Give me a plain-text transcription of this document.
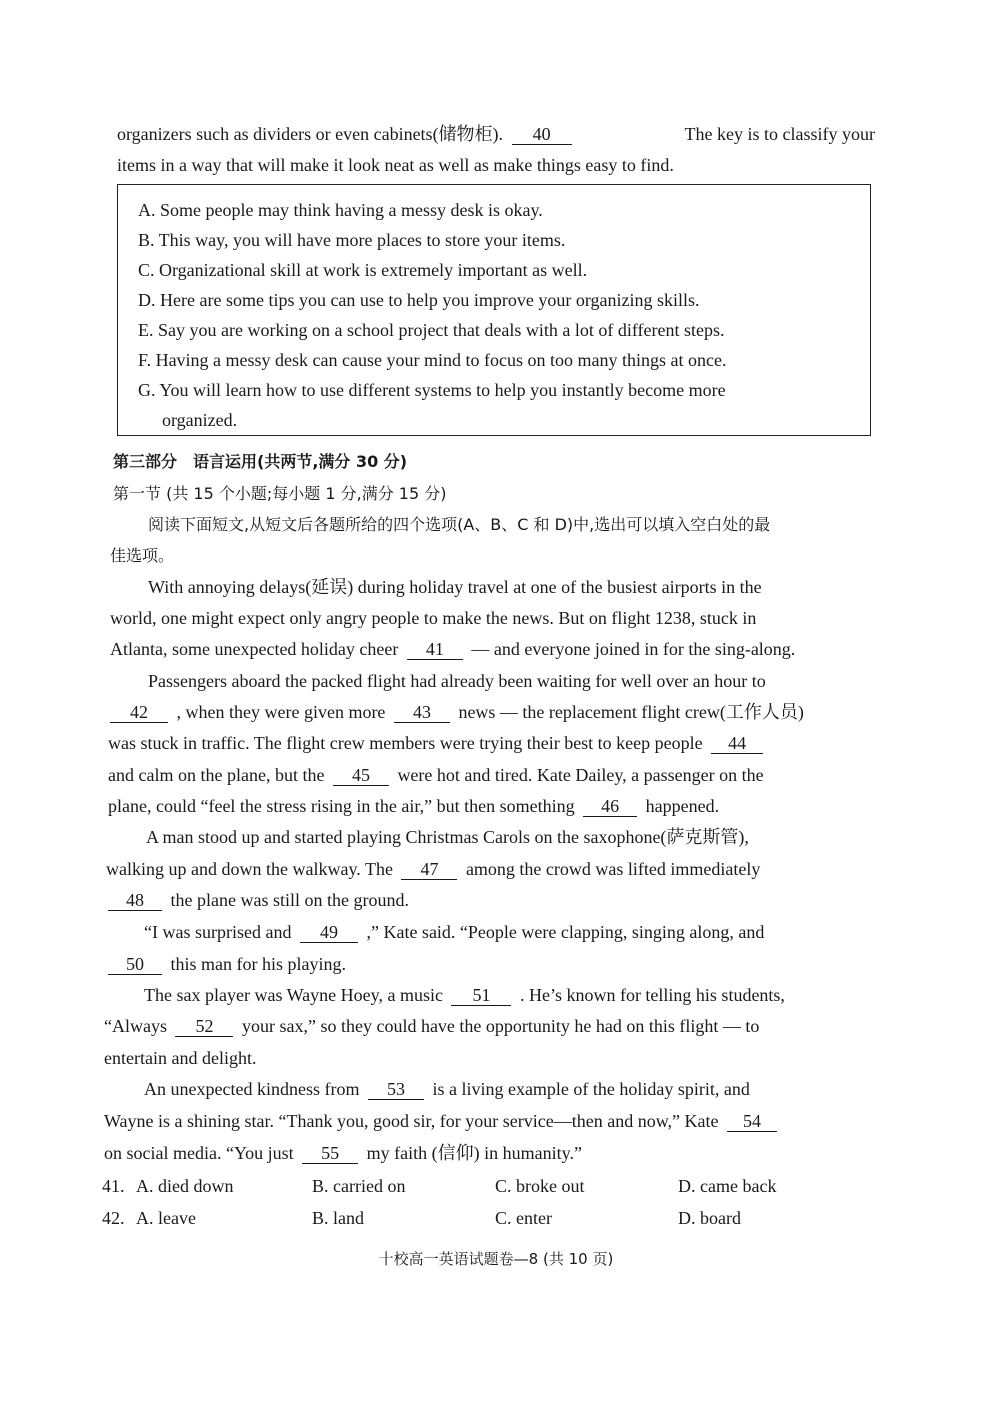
organizers such as dividers or even cabinets(储物柜). 40	The key is to classify your
items in a way that will make it look neat as well as make things easy to find.
A. Some people may think having a messy desk is okay.
B. This way, you will have more places to store your items.
C. Organizational skill at work is extremely important as well.
D. Here are some tips you can use to help you improve your organizing skills.
E. Say you are working on a school project that deals with a lot of different steps.
F. Having a messy desk can cause your mind to focus on too many things at once.
G. You will learn how to use different systems to help you instantly become more
organized.
第三部分　语言运用(共两节,满分 30 分)
第一节 (共 15 个小题;每小题 1 分,满分 15 分)
阅读下面短文,从短文后各题所给的四个选项(A、B、C 和 D)中,选出可以填入空白处的最
佳选项。
With annoying delays(延误) during holiday travel at one of the busiest airports in the
world, one might expect only angry people to make the news. But on flight 1238, stuck in
Atlanta, some unexpected holiday cheer 41 — and everyone joined in for the sing-along.
Passengers aboard the packed flight had already been waiting for well over an hour to
42 , when they were given more 43 news — the replacement flight crew(工作人员)
was stuck in traffic. The flight crew members were trying their best to keep people 44
and calm on the plane, but the 45 were hot and tired. Kate Dailey, a passenger on the
plane, could “feel the stress rising in the air,” but then something 46 happened.
A man stood up and started playing Christmas Carols on the saxophone(萨克斯管),
walking up and down the walkway. The 47 among the crowd was lifted immediately
48 the plane was still on the ground.
“I was surprised and 49 ,” Kate said. “People were clapping, singing along, and
50 this man for his playing.
The sax player was Wayne Hoey, a music 51 . He’s known for telling his students,
“Always 52 your sax,” so they could have the opportunity he had on this flight — to
entertain and delight.
An unexpected kindness from 53 is a living example of the holiday spirit, and
Wayne is a shining star. “Thank you, good sir, for your service—then and now,” Kate 54
on social media. “You just 55 my faith (信仰) in humanity.”
41. A. died down	B. carried on	C. broke out	D. came back
42. A. leave	B. land	C. enter	D. board
十校高一英语试题卷—8 (共 10 页)
